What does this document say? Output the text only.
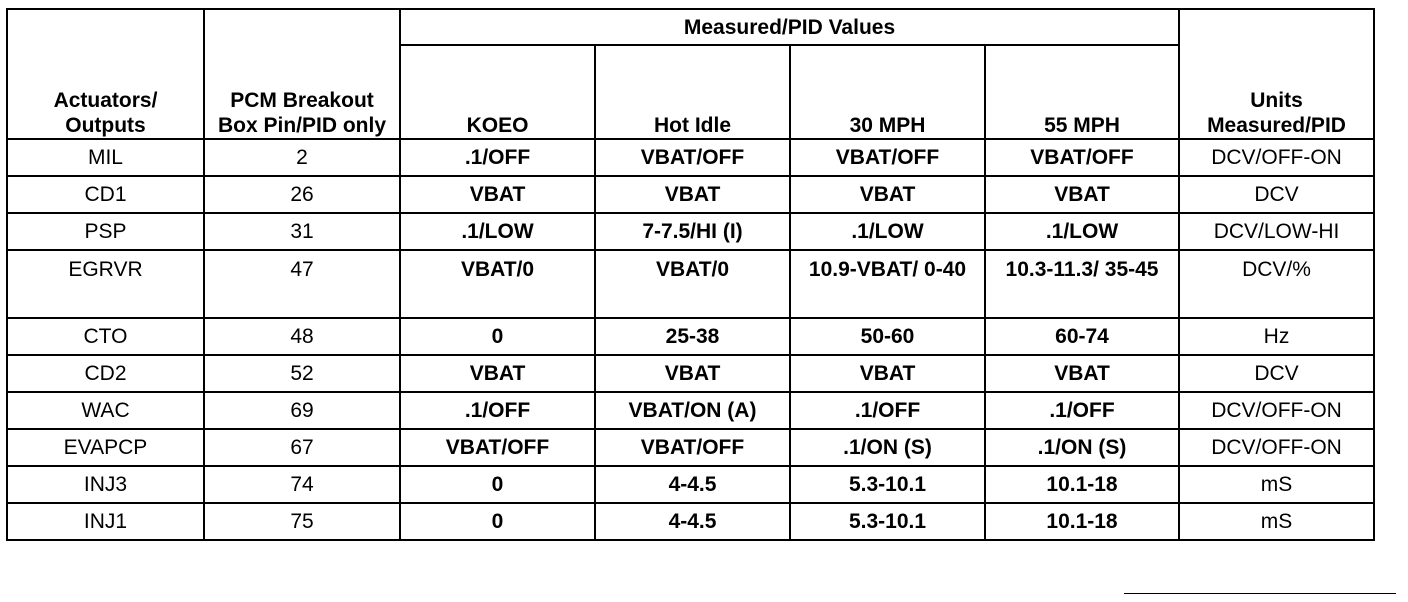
Actuators/ Outputs	PCM Breakout Box Pin/PID only	Measured/PID Values				Units Measured/PID
		KOEO	Hot Idle	30 MPH	55 MPH	
MIL	2	.1/OFF	VBAT/OFF	VBAT/OFF	VBAT/OFF	DCV/OFF-ON
CD1	26	VBAT	VBAT	VBAT	VBAT	DCV
PSP	31	.1/LOW	7-7.5/HI (I)	.1/LOW	.1/LOW	DCV/LOW-HI
EGRVR	47	VBAT/0	VBAT/0	10.9-VBAT/ 0-40	10.3-11.3/ 35-45	DCV/%
CTO	48	0	25-38	50-60	60-74	Hz
CD2	52	VBAT	VBAT	VBAT	VBAT	DCV
WAC	69	.1/OFF	VBAT/ON (A)	.1/OFF	.1/OFF	DCV/OFF-ON
EVAPCP	67	VBAT/OFF	VBAT/OFF	.1/ON (S)	.1/ON (S)	DCV/OFF-ON
INJ3	74	0	4-4.5	5.3-10.1	10.1-18	mS
INJ1	75	0	4-4.5	5.3-10.1	10.1-18	mS
